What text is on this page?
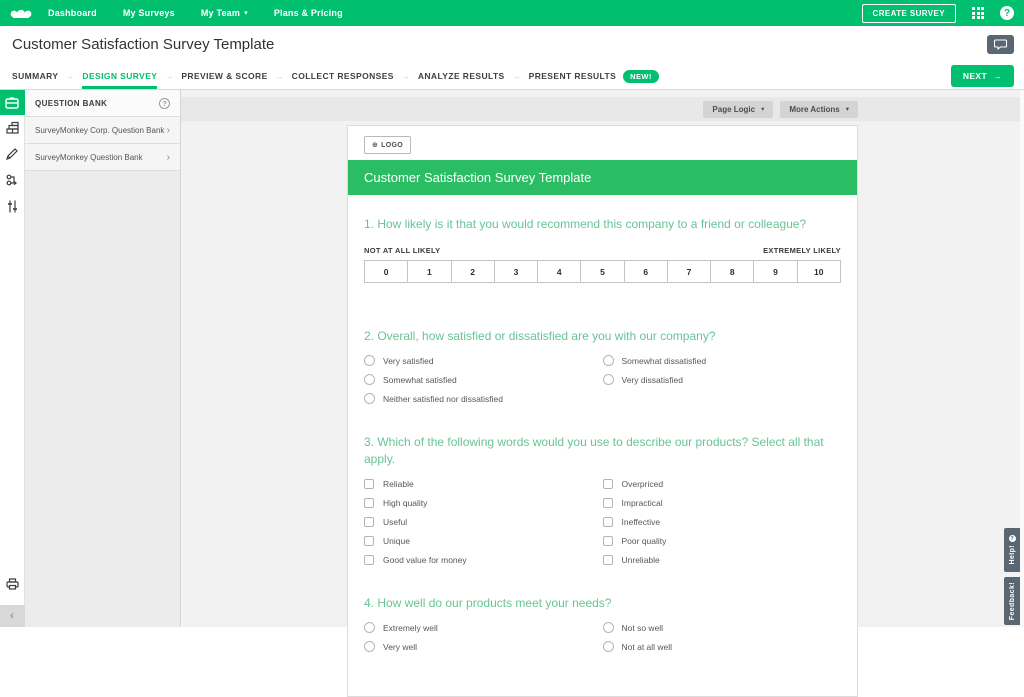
Dashboard	My Surveys	My Team ▾	Plans & Pricing	CREATE SURVEY	?
Customer Satisfaction Survey Template
SUMMARY → DESIGN SURVEY → PREVIEW & SCORE → COLLECT RESPONSES → ANALYZE RESULTS → PRESENT RESULTS	NEW!	NEXT →
‹
QUESTION BANK	?
SurveyMonkey Corp. Question Bank ›
SurveyMonkey Question Bank ›
Page Logic ▾	More Actions ▾
⊕ LOGO
Customer Satisfaction Survey Template
1. How likely is it that you would recommend this company to a friend or colleague?
NOT AT ALL LIKELY	EXTREMELY LIKELY
0	1	2	3	4	5	6	7	8	9	10
2. Overall, how satisfied or dissatisfied are you with our company?
Very satisfied
Somewhat satisfied
Neither satisfied nor dissatisfied
Somewhat dissatisfied
Very dissatisfied
3. Which of the following words would you use to describe our products? Select all that apply.
Reliable
High quality
Useful
Unique
Good value for money
Overpriced
Impractical
Ineffective
Poor quality
Unreliable
4. How well do our products meet your needs?
Extremely well
Very well
Not so well
Not at all well
?
Help!
Feedback!
